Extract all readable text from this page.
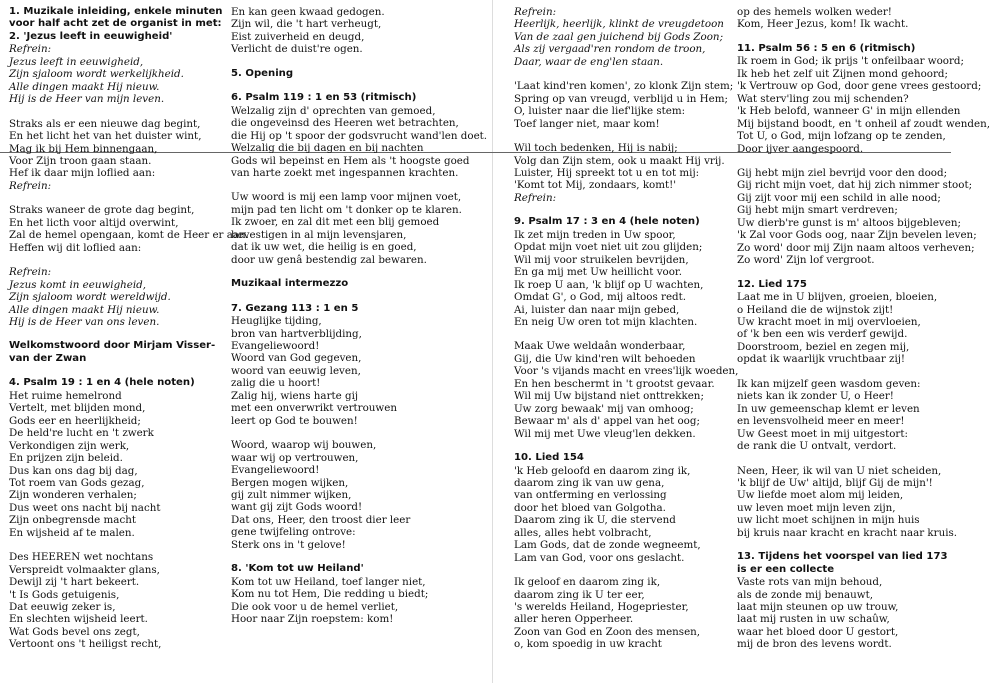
1. Muzikale inleiding, enkele minuten voor half acht zet de organist in met:
2. 'Jezus leeft in eeuwigheid'
Refrein:
Jezus leeft in eeuwigheid,
Zijn sjaloom wordt werkelijkheid.
Alle dingen maakt Hij nieuw.
Hij is de Heer van mijn leven.
Straks als er een nieuwe dag begint,
En het licht het van het duister wint,
Mag ik bij Hem binnengaan,
Voor Zijn troon gaan staan.
Hef ik daar mijn loflied aan:
Refrein:
Straks waneer de grote dag begint,
En het licth voor altijd overwint,
Zal de hemel opengaan, komt de Heer er aan.
Heffen wij dit loflied aan:
Refrein:
Jezus komt in eeuwigheid,
Zijn sjaloom wordt wereldwijd.
Alle dingen maakt Hij nieuw.
Hij is de Heer van ons leven.
Welkomstwoord door Mirjam Visser-van der Zwan
4. Psalm 19 : 1 en 4 (hele noten)
Het ruime hemelrond
Vertelt, met blijden mond,
Gods eer en heerlijkheid;
De held're lucht en 't zwerk
Verkondigen zijn werk,
En prijzen zijn beleid.
Dus kan ons dag bij dag,
Tot roem van Gods gezag,
Zijn wonderen verhalen;
Dus weet ons nacht bij nacht
Zijn onbegrensde macht
En wijsheid af te malen.
Des HEEREN wet nochtans
Verspreidt volmaakter glans,
Dewijl zij 't hart bekeert.
't Is Gods getuigenis,
Dat eeuwig zeker is,
En slechten wijsheid leert.
Wat Gods bevel ons zegt,
Vertoont ons 't heiligst recht,
En kan geen kwaad gedogen.
Zijn wil, die 't hart verheugt,
Eist zuiverheid en deugd,
Verlicht de duist're ogen.
5. Opening
6. Psalm 119 : 1 en 53 (ritmisch)
Welzalig zijn d' oprechten van gemoed,
die ongeveinsd des Heeren wet betrachten,
die Hij op 't spoor der godsvrucht wand'len doet.
Welzalig die bij dagen en bij nachten
Gods wil bepeinst en Hem als 't hoogste goed
van harte zoekt met ingespannen krachten.
Uw woord is mij een lamp voor mijnen voet,
mijn pad ten licht om 't donker op te klaren.
Ik zwoer, en zal dit met een blij gemoed
bevestigen in al mijn levensjaren,
dat ik uw wet, die heilig is en goed,
door uw genâ bestendig zal bewaren.
Muzikaal intermezzo
7. Gezang 113 : 1 en 5
Heuglijke tijding,
bron van hartverblijding,
Evangeliewoord!
Woord van God gegeven,
woord van eeuwig leven,
zalig die u hoort!
Zalig hij, wiens harte gij
met een onverwrikt vertrouwen
leert op God te bouwen!
Woord, waarop wij bouwen,
waar wij op vertrouwen,
Evangeliewoord!
Bergen mogen wijken,
gij zult nimmer wijken,
want gij zijt Gods woord!
Dat ons, Heer, den troost dier leer
gene twijfeling ontrove:
Sterk ons in 't gelove!
8. 'Kom tot uw Heiland'
Kom tot uw Heiland, toef langer niet,
Kom nu tot Hem, Die redding u biedt;
Die ook voor u de hemel verliet,
Hoor naar Zijn roepstem: kom!
Refrein:
Heerlijk, heerlijk, klinkt de vreugdetoon
Van de zaal gen juichend bij Gods Zoon;
Als zij vergaad'ren rondom de troon,
Daar, waar de eng'len staan.
'Laat kind'ren komen', zo klonk Zijn stem;
Spring op van vreugd, verblijd u in Hem;
O, luister naar die lief'lijke stem:
Toef langer niet, maar kom!
Wil toch bedenken, Hij is nabij;
Volg dan Zijn stem, ook u maakt Hij vrij.
Luister, Hij spreekt tot u en tot mij:
'Komt tot Mij, zondaars, komt!'
Refrein:
9. Psalm 17 : 3 en 4 (hele noten)
Ik zet mijn treden in Uw spoor,
Opdat mijn voet niet uit zou glijden;
Wil mij voor struikelen bevrijden,
En ga mij met Uw heillicht voor.
Ik roep U aan, 'k blijf op U wachten,
Omdat G', o God, mij altoos redt.
Ai, luister dan naar mijn gebed,
En neig Uw oren tot mijn klachten.
Maak Uwe weldaân wonderbaar,
Gij, die Uw kind'ren wilt behoeden
Voor 's vijands macht en vrees'lijk woeden,
En hen beschermt in 't grootst gevaar.
Wil mij Uw bijstand niet onttrekken;
Uw zorg bewaak' mij van omhoog;
Bewaar m' als d' appel van het oog;
Wil mij met Uwe vleug'len dekken.
10. Lied 154
'k Heb geloofd en daarom zing ik,
daarom zing ik van uw gena,
van ontferming en verlossing
door het bloed van Golgotha.
Daarom zing ik U, die stervend
alles, alles hebt volbracht,
Lam Gods, dat de zonde wegneemt,
Lam van God, voor ons geslacht.
Ik geloof en daarom zing ik,
daarom zing ik U ter eer,
's werelds Heiland, Hogepriester,
aller heren Opperheer.
Zoon van God en Zoon des mensen,
o, kom spoedig in uw kracht
op des hemels wolken weder!
Kom, Heer Jezus, kom! Ik wacht.
11. Psalm 56 : 5 en 6 (ritmisch)
Ik roem in God; ik prijs 't onfeilbaar woord;
Ik heb het zelf uit Zijnen mond gehoord;
'k Vertrouw op God, door gene vrees gestoord;
Wat sterv'ling zou mij schenden?
'k Heb belofd, wanneer G' in mijn ellenden
Mij bijstand boodt, en 't onheil af zoudt wenden,
Tot U, o God, mijn lofzang op te zenden,
Door ijver aangespoord.
Gij hebt mijn ziel bevrijd voor den dood;
Gij richt mijn voet, dat hij zich nimmer stoot;
Gij zijt voor mij een schild in alle nood;
Gij hebt mijn smart verdreven;
Uw dierb're gunst is m' altoos bijgebleven;
'k Zal voor Gods oog, naar Zijn bevelen leven;
Zo word' door mij Zijn naam altoos verheven;
Zo word' Zijn lof vergroot.
12. Lied 175
Laat me in U blijven, groeien, bloeien,
o Heiland die de wijnstok zijt!
Uw kracht moet in mij overvloeien,
of 'k ben een wis verderf gewijd.
Doorstroom, beziel en zegen mij,
opdat ik waarlijk vruchtbaar zij!
Ik kan mijzelf geen wasdom geven:
niets kan ik zonder U, o Heer!
In uw gemeenschap klemt er leven
en levensvolheid meer en meer!
Uw Geest moet in mij uitgestort:
de rank die U ontvalt, verdort.
Neen, Heer, ik wil van U niet scheiden,
'k blijf de Uw' altijd, blijf Gij de mijn'!
Uw liefde moet alom mij leiden,
uw leven moet mijn leven zijn,
uw licht moet schijnen in mijn huis
bij kruis naar kracht en kracht naar kruis.
13. Tijdens het voorspel van lied 173 is er een collecte
Vaste rots van mijn behoud,
als de zonde mij benauwt,
laat mijn steunen op uw trouw,
laat mij rusten in uw schaûw,
waar het bloed door U gestort,
mij de bron des levens wordt.
